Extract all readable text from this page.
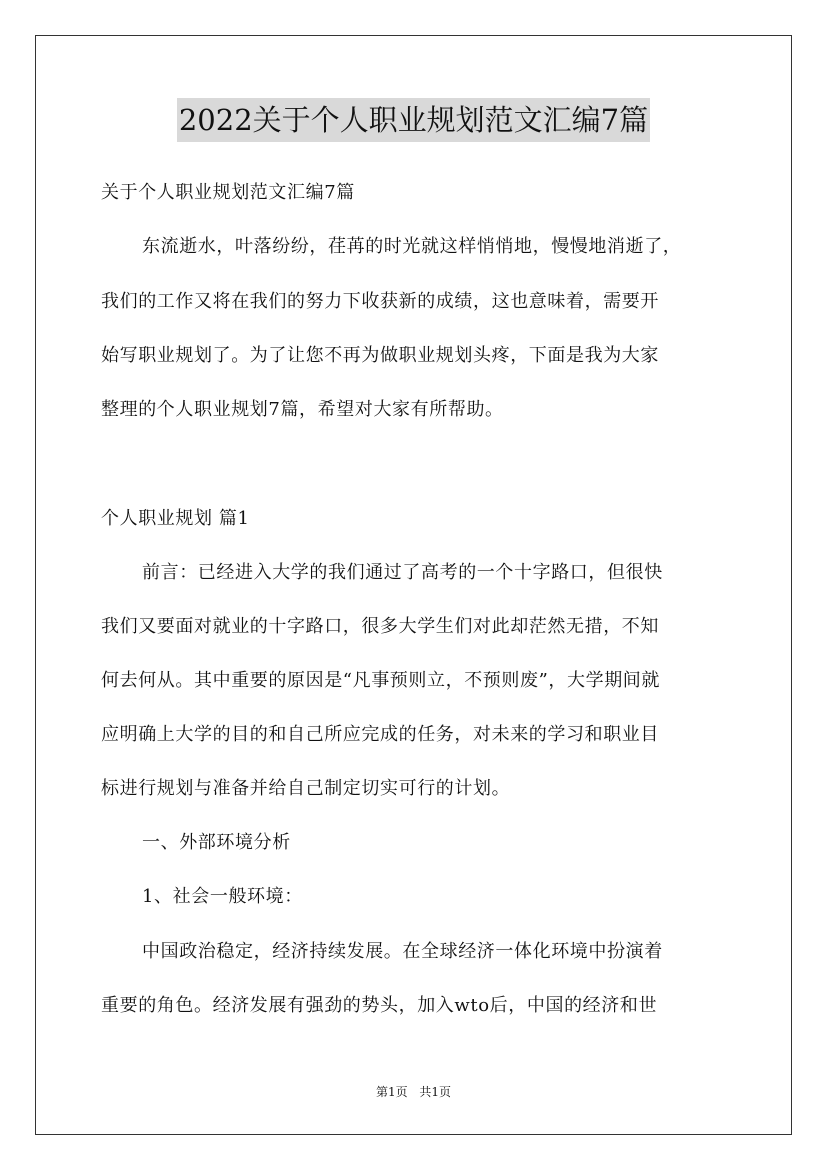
2022关于个人职业规划范文汇编7篇
关于个人职业规划范文汇编7篇
东流逝水，叶落纷纷，荏苒的时光就这样悄悄地，慢慢地消逝了，
我们的工作又将在我们的努力下收获新的成绩，这也意味着，需要开
始写职业规划了。为了让您不再为做职业规划头疼，下面是我为大家
整理的个人职业规划7篇，希望对大家有所帮助。
个人职业规划 篇1
前言：已经进入大学的我们通过了高考的一个十字路口，但很快
我们又要面对就业的十字路口，很多大学生们对此却茫然无措，不知
何去何从。其中重要的原因是“凡事预则立，不预则废”，大学期间就
应明确上大学的目的和自己所应完成的任务，对未来的学习和职业目
标进行规划与准备并给自己制定切实可行的计划。
一、外部环境分析
1、社会一般环境：
中国政治稳定，经济持续发展。在全球经济一体化环境中扮演着
重要的角色。经济发展有强劲的势头，加入wto后，中国的经济和世
第1页 共1页
